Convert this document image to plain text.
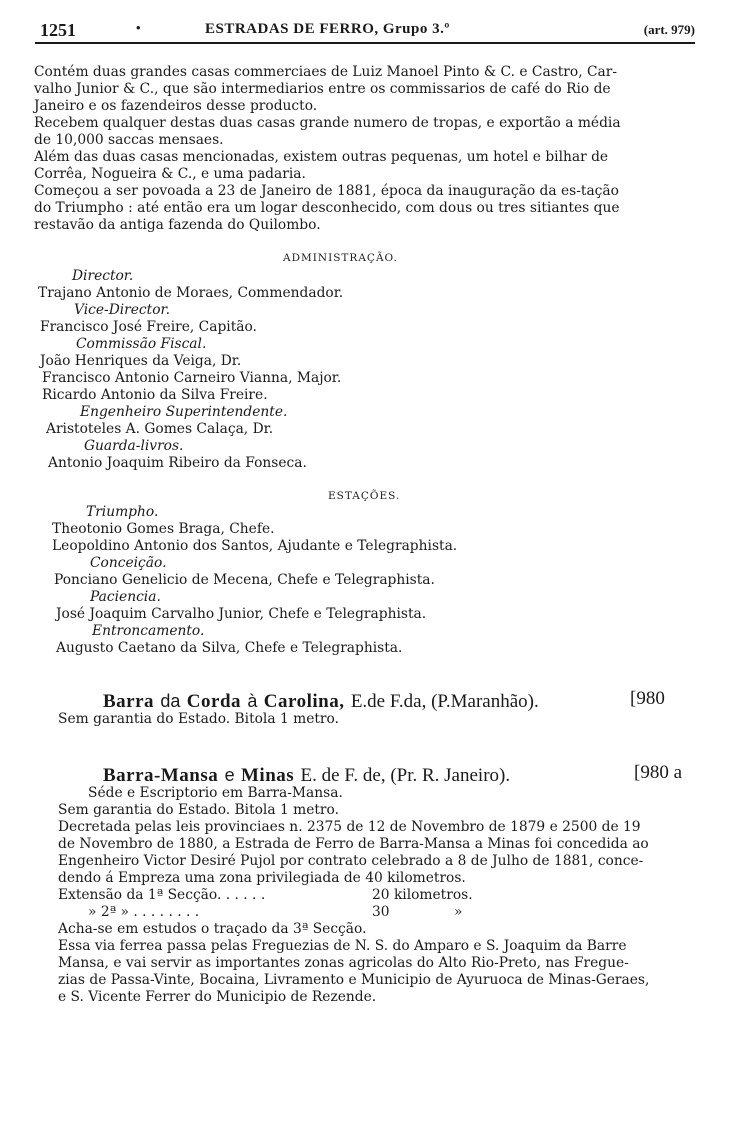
1251	•	ESTRADAS DE FERRO, Grupo 3.º	(art. 979)
Contém duas grandes casas commerciaes de Luiz Manoel Pinto & C. e Castro, Car-
valho Junior & C., que são intermediarios entre os commissarios de café do Rio de
Janeiro e os fazendeiros desse producto.
Recebem qualquer destas duas casas grande numero de tropas, e exportão a média
de 10,000 saccas mensaes.
Além das duas casas mencionadas, existem outras pequenas, um hotel e bilhar de
Corrêa, Nogueira & C., e uma padaria.
Começou a ser povoada a 23 de Janeiro de 1881, época da inauguração da es-tação
do Triumpho : até então era um logar desconhecido, com dous ou tres sitiantes que
restavão da antiga fazenda do Quilombo.
ADMINISTRAÇÃO.
Director.
Trajano Antonio de Moraes, Commendador.
Vice-Director.
Francisco José Freire, Capitão.
Commissão Fiscal.
João Henriques da Veiga, Dr.
Francisco Antonio Carneiro Vianna, Major.
Ricardo Antonio da Silva Freire.
Engenheiro Superintendente.
Aristoteles A. Gomes Calaça, Dr.
Guarda-livros.
Antonio Joaquim Ribeiro da Fonseca.
ESTAÇÕES.
Triumpho.
Theotonio Gomes Braga, Chefe.
Leopoldino Antonio dos Santos, Ajudante e Telegraphista.
Conceição.
Ponciano Genelicio de Mecena, Chefe e Telegraphista.
Paciencia.
José Joaquim Carvalho Junior, Chefe e Telegraphista.
Entroncamento.
Augusto Caetano da Silva, Chefe e Telegraphista.
Barra da Corda à Carolina, E.de F.da, (P.Maranhão).	[980
Sem garantia do Estado. Bitola 1 metro.
Barra-Mansa e Minas E. de F. de, (Pr. R. Janeiro).	[980 a
Séde e Escriptorio em Barra-Mansa.
Sem garantia do Estado. Bitola 1 metro.
Decretada pelas leis provinciaes n. 2375 de 12 de Novembro de 1879 e 2500 de 19
de Novembro de 1880, a Estrada de Ferro de Barra-Mansa a Minas foi concedida ao
Engenheiro Victor Desiré Pujol por contrato celebrado a 8 de Julho de 1881, conce-
dendo á Empreza uma zona privilegiada de 40 kilometros.
Extensão da 1ª Secção. . . . . .	20 kilometros.
» 2ª » . . . . . . . .	30	»
Acha-se em estudos o traçado da 3ª Secção.
Essa via ferrea passa pelas Freguezias de N. S. do Amparo e S. Joaquim da Barre
Mansa, e vai servir as importantes zonas agricolas do Alto Rio-Preto, nas Fregue-
zias de Passa-Vinte, Bocaina, Livramento e Municipio de Ayuruoca de Minas-Geraes,
e S. Vicente Ferrer do Municipio de Rezende.
